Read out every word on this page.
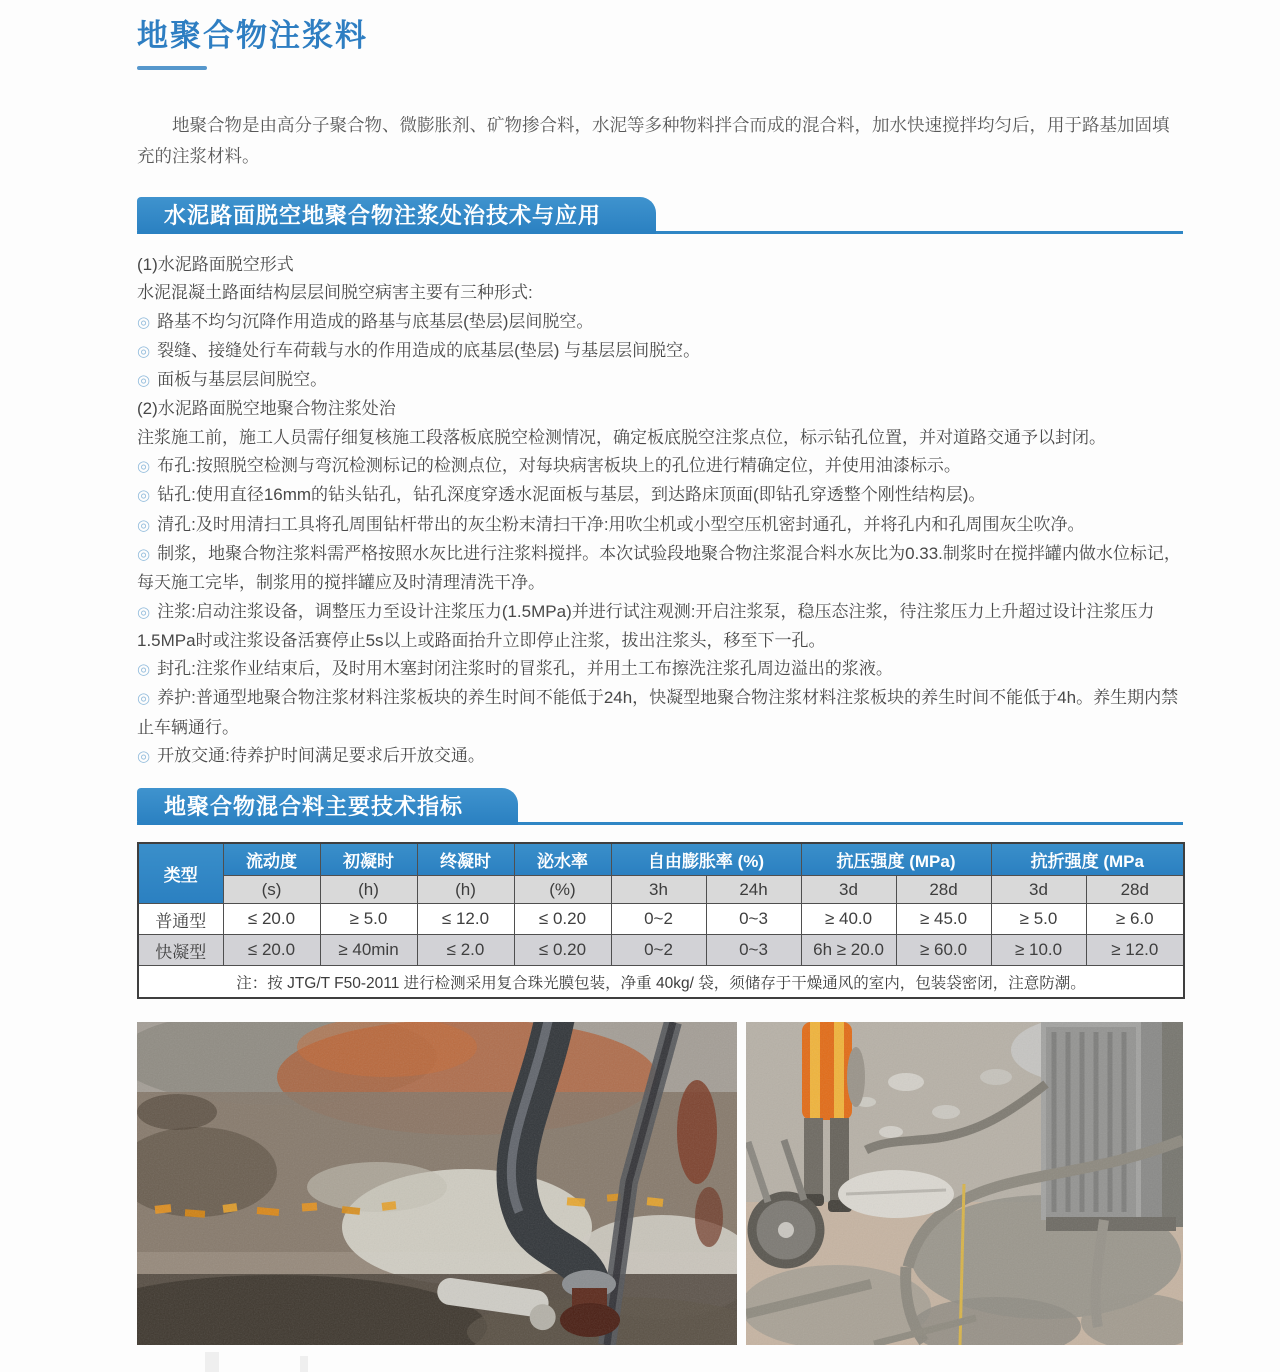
地聚合物注浆料

地聚合物是由高分子聚合物、微膨胀剂、矿物掺合料，水泥等多种物料拌合而成的混合料，加水快速搅拌均匀后，用于路基加固填充的注浆材料。

水泥路面脱空地聚合物注浆处治技术与应用
(1)水泥路面脱空形式
水泥混凝土路面结构层层间脱空病害主要有三种形式:
◎ 路基不均匀沉降作用造成的路基与底基层(垫层)层间脱空。
◎ 裂缝、接缝处行车荷载与水的作用造成的底基层(垫层) 与基层层间脱空。
◎ 面板与基层层间脱空。
(2)水泥路面脱空地聚合物注浆处治
注浆施工前，施工人员需仔细复核施工段落板底脱空检测情况，确定板底脱空注浆点位，标示钻孔位置，并对道路交通予以封闭。
◎ 布孔:按照脱空检测与弯沉检测标记的检测点位，对每块病害板块上的孔位进行精确定位，并使用油漆标示。
◎ 钻孔:使用直径16mm的钻头钻孔，钻孔深度穿透水泥面板与基层，到达路床顶面(即钻孔穿透整个刚性结构层)。
◎ 清孔:及时用清扫工具将孔周围钻杆带出的灰尘粉末清扫干净:用吹尘机或小型空压机密封通孔，并将孔内和孔周围灰尘吹净。
◎ 制浆，地聚合物注浆料需严格按照水灰比进行注浆料搅拌。本次试验段地聚合物注浆混合料水灰比为0.33.制浆时在搅拌罐内做水位标记，每天施工完毕，制浆用的搅拌罐应及时清理清洗干净。
◎ 注浆:启动注浆设备，调整压力至设计注浆压力(1.5MPa)并进行试注观测:开启注浆泵，稳压态注浆，待注浆压力上升超过设计注浆压力1.5MPa时或注浆设备活赛停止5s以上或路面抬升立即停止注浆，拔出注浆头，移至下一孔。
◎ 封孔:注浆作业结束后，及时用木塞封闭注浆时的冒浆孔，并用土工布擦洗注浆孔周边溢出的浆液。
◎ 养护:普通型地聚合物注浆材料注浆板块的养生时间不能低于24h，快凝型地聚合物注浆材料注浆板块的养生时间不能低于4h。养生期内禁止车辆通行。
◎ 开放交通:待养护时间满足要求后开放交通。
地聚合物混合料主要技术指标
类型	流动度	初凝时	终凝时	泌水率	自由膨胀率 (%)		抗压强度 (MPa)		抗折强度 (MPa	
	(s)	(h)	(h)	(%)	3h	24h	3d	28d	3d	28d
普通型	≤ 20.0	≥ 5.0	≤ 12.0	≤ 0.20	0~2	0~3	≥ 40.0	≥ 45.0	≥ 5.0	≥ 6.0
快凝型	≤ 20.0	≥ 40min	≤ 2.0	≤ 0.20	0~2	0~3	6h ≥ 20.0	≥ 60.0	≥ 10.0	≥ 12.0
注：按 JTG/T F50-2011 进行检测采用复合珠光膜包装，净重 40kg/ 袋，须储存于干燥通风的室内，包装袋密闭，注意防潮。										
